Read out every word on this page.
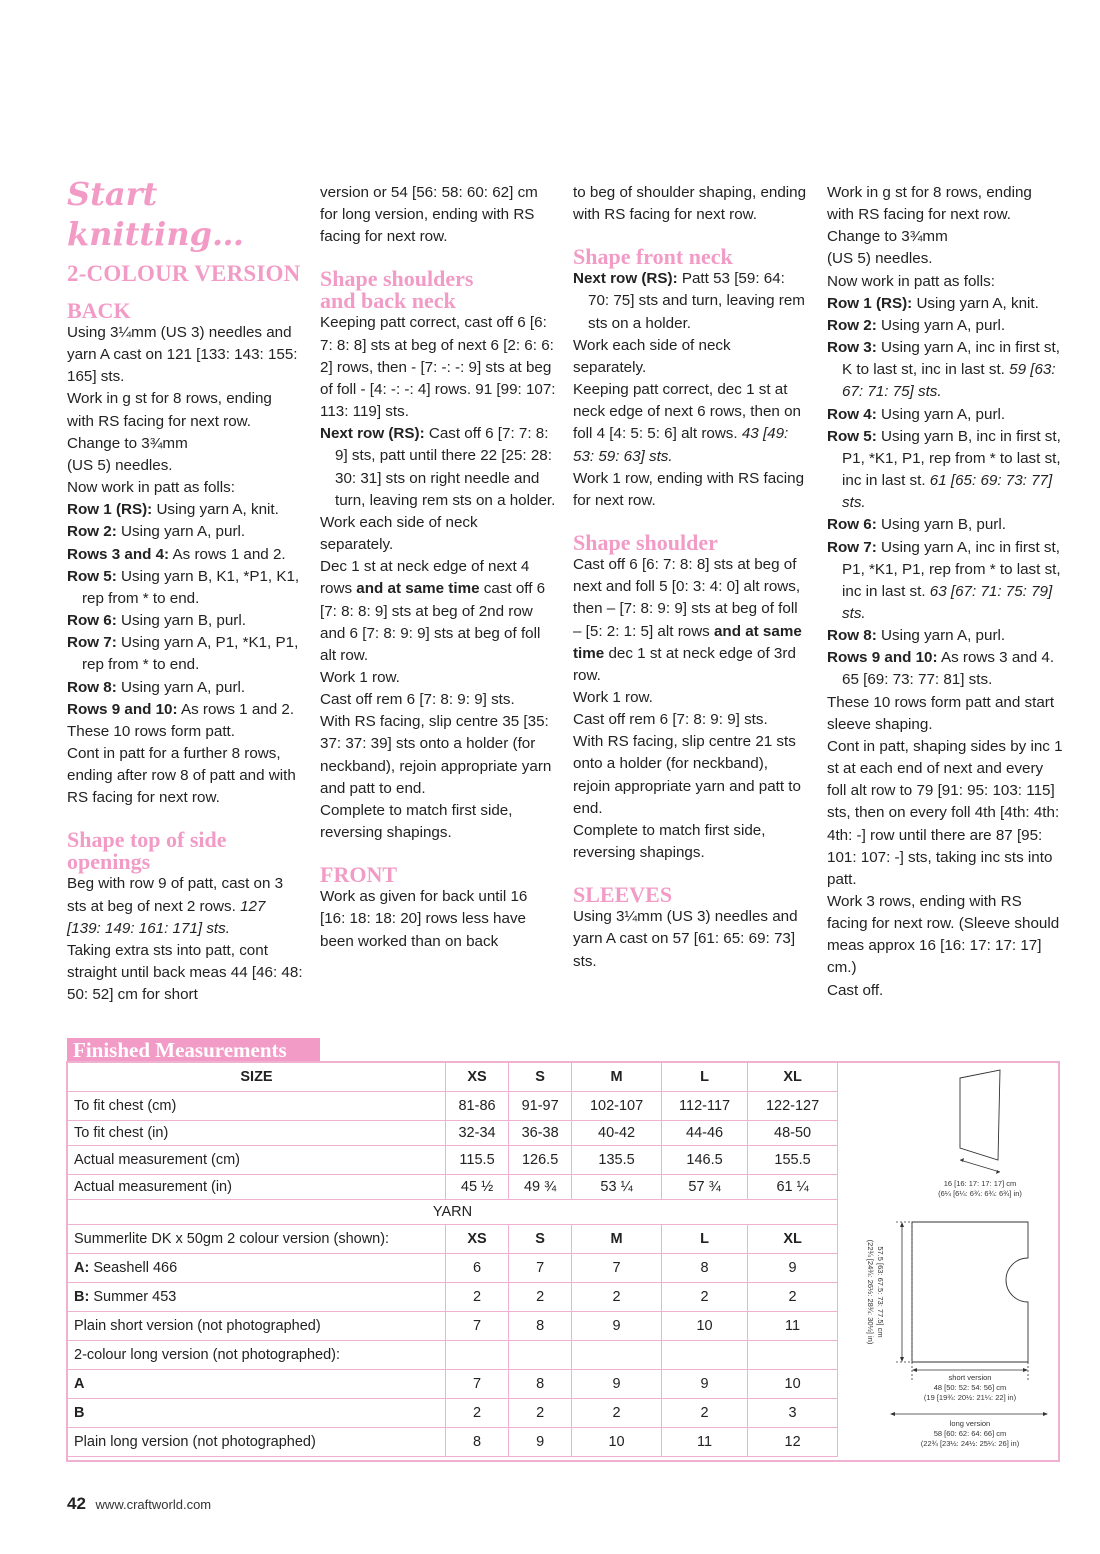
Start knitting…
2-COLOUR VERSION
BACK

Using 3¼mm (US 3) needles and yarn A cast on 121 [133: 143: 155: 165] sts.

Work in g st for 8 rows, ending with RS facing for next row.

Change to 3¾mm

(US 5) needles.

Now work in patt as folls:

Row 1 (RS): Using yarn A, knit.

Row 2: Using yarn A, purl.

Rows 3 and 4: As rows 1 and 2.

Row 5: Using yarn B, K1, *P1, K1, rep from * to end.

Row 6: Using yarn B, purl.

Row 7: Using yarn A, P1, *K1, P1, rep from * to end.

Row 8: Using yarn A, purl.

Rows 9 and 10: As rows 1 and 2.

These 10 rows form patt.

Cont in patt for a further 8 rows, ending after row 8 of patt and with RS facing for next row.

Shape top of side openings

Beg with row 9 of patt, cast on 3 sts at beg of next 2 rows. 127 [139: 149: 161: 171] sts.

Taking extra sts into patt, cont straight until back meas 44 [46: 48: 50: 52] cm for short

version or 54 [56: 58: 60: 62] cm for long version, ending with RS facing for next row.

Shape shoulders and back neck

Keeping patt correct, cast off 6 [6: 7: 8: 8] sts at beg of next 6 [2: 6: 6: 2] rows, then - [7: -: -: 9] sts at beg of foll - [4: -: -: 4] rows. 91 [99: 107: 113: 119] sts.

Next row (RS): Cast off 6 [7: 7: 8: 9] sts, patt until there 22 [25: 28: 30: 31] sts on right needle and turn, leaving rem sts on a holder.

Work each side of neck separately.

Dec 1 st at neck edge of next 4 rows and at same time cast off 6 [7: 8: 8: 9] sts at beg of 2nd row and 6 [7: 8: 9: 9] sts at beg of foll alt row.

Work 1 row.

Cast off rem 6 [7: 8: 9: 9] sts.

With RS facing, slip centre 35 [35: 37: 37: 39] sts onto a holder (for neckband), rejoin appropriate yarn and patt to end.

Complete to match first side, reversing shapings.

FRONT

Work as given for back until 16 [16: 18: 18: 20] rows less have been worked than on back

to beg of shoulder shaping, ending with RS facing for next row.

Shape front neck

Next row (RS): Patt 53 [59: 64: 70: 75] sts and turn, leaving rem sts on a holder.

Work each side of neck separately.

Keeping patt correct, dec 1 st at neck edge of next 6 rows, then on foll 4 [4: 5: 5: 6] alt rows. 43 [49: 53: 59: 63] sts.

Work 1 row, ending with RS facing for next row.

Shape shoulder

Cast off 6 [6: 7: 8: 8] sts at beg of next and foll 5 [0: 3: 4: 0] alt rows, then – [7: 8: 9: 9] sts at beg of foll – [5: 2: 1: 5] alt rows and at same time dec 1 st at neck edge of 3rd row.

Work 1 row.

Cast off rem 6 [7: 8: 9: 9] sts.

With RS facing, slip centre 21 sts onto a holder (for neckband), rejoin appropriate yarn and patt to end.

Complete to match first side, reversing shapings.

SLEEVES

Using 3¼mm (US 3) needles and yarn A cast on 57 [61: 65: 69: 73] sts.

Work in g st for 8 rows, ending with RS facing for next row.

Change to 3¾mm

(US 5) needles.

Now work in patt as folls:

Row 1 (RS): Using yarn A, knit.

Row 2: Using yarn A, purl.

Row 3: Using yarn A, inc in first st, K to last st, inc in last st. 59 [63: 67: 71: 75] sts.

Row 4: Using yarn A, purl.

Row 5: Using yarn B, inc in first st, P1, *K1, P1, rep from * to last st, inc in last st. 61 [65: 69: 73: 77] sts.

Row 6: Using yarn B, purl.

Row 7: Using yarn A, inc in first st, P1, *K1, P1, rep from * to last st, inc in last st. 63 [67: 71: 75: 79] sts.

Row 8: Using yarn A, purl.

Rows 9 and 10: As rows 3 and 4. 65 [69: 73: 77: 81] sts.

These 10 rows form patt and start sleeve shaping.

Cont in patt, shaping sides by inc 1 st at each end of next and every foll alt row to 79 [91: 95: 103: 115] sts, then on every foll 4th [4th: 4th: 4th: -] row until there are 87 [95: 101: 107: -] sts, taking inc sts into patt.

Work 3 rows, ending with RS facing for next row. (Sleeve should meas approx 16 [16: 17: 17: 17] cm.)

Cast off.

Finished Measurements
SIZE	XS	S	M	L	XL
To fit chest (cm)	81-86	91-97	102-107	112-117	122-127
To fit chest (in)	32-34	36-38	40-42	44-46	48-50
Actual measurement (cm)	115.5	126.5	135.5	146.5	155.5
Actual measurement (in)	45 ½	49 ¾	53 ¼	57 ¾	61 ¼
YARN					
Summerlite DK x 50gm 2 colour version (shown):	XS	S	M	L	XL
A: Seashell 466	6	7	7	8	9
B: Summer 453	2	2	2	2	2
Plain short version (not photographed)	7	8	9	10	11
2-colour long version (not photographed):					
A	7	8	9	9	10
B	2	2	2	2	3
Plain long version (not photographed)	8	9	10	11	12
16 [16: 17: 17: 17] cm
(6¼ [6¼: 6¾: 6¾: 6¾] in)
57.5 [63: 67.5: 73: 77.5] cm
(22¾ [24¾: 26½: 28¾: 30½] in)
short version
48 [50: 52: 54: 56] cm
(19 [19¾: 20½: 21¼: 22] in)
long version
58 [60: 62: 64: 66] cm
(22¾ [23½: 24½: 25¼: 26] in)
42 www.craftworld.com
